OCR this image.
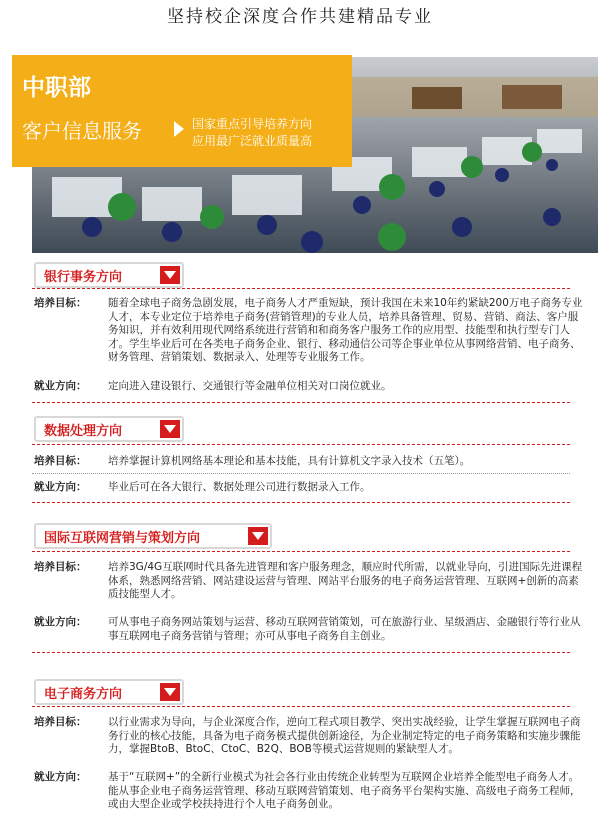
坚持校企深度合作共建精品专业
中职部
客户信息服务	国家重点引导培养方向
应用最广泛就业质量高
银行事务方向
培养目标：	随着全球电子商务急剧发展，电子商务人才严重短缺，预计我国在未来10年约紧缺200万电子商务专业人才，本专业定位于培养电子商务(营销管理)的专业人员，培养具备管理、贸易、营销、商法、客户服务知识，并有效利用现代网络系统进行营销和和商务客户服务工作的应用型、技能型和执行型专门人才。学生毕业后可在各类电子商务企业、银行、移动通信公司等企事业单位从事网络营销、电子商务、财务管理、营销策划、数据录入、处理等专业服务工作。
就业方向：	定向进入建设银行、交通银行等金融单位相关对口岗位就业。
数据处理方向
培养目标：	培养掌握计算机网络基本理论和基本技能，具有计算机文字录入技术（五笔）。
就业方向：	毕业后可在各大银行、数据处理公司进行数据录入工作。
国际互联网营销与策划方向
培养目标：	培养3G/4G互联网时代具备先进管理和客户服务理念，顺应时代所需，以就业导向，引进国际先进课程体系，熟悉网络营销、网站建设运营与管理、网站平台服务的电子商务运营管理、互联网+创新的高素质技能型人才。
就业方向：	可从事电子商务网站策划与运营、移动互联网营销策划，可在旅游行业、星级酒店、金融银行等行业从事互联网电子商务营销与管理；亦可从事电子商务自主创业。
电子商务方向
培养目标：	以行业需求为导向，与企业深度合作，逆向工程式项目教学、突出实战经验，让学生掌握互联网电子商务行业的核心技能，具备为电子商务模式提供创新途径，为企业制定特定的电子商务策略和实施步骤能力，掌握BtoB、BtoC、CtoC、B2Q、BOB等模式运营规则的紧缺型人才。
就业方向：	基于“互联网+”的全新行业模式为社会各行业由传统企业转型为互联网企业培养全能型电子商务人才。能从事企业电子商务运营管理、移动互联网营销策划、电子商务平台架构实施、高级电子商务工程师，或由大型企业或学校扶持进行个人电子商务创业。
